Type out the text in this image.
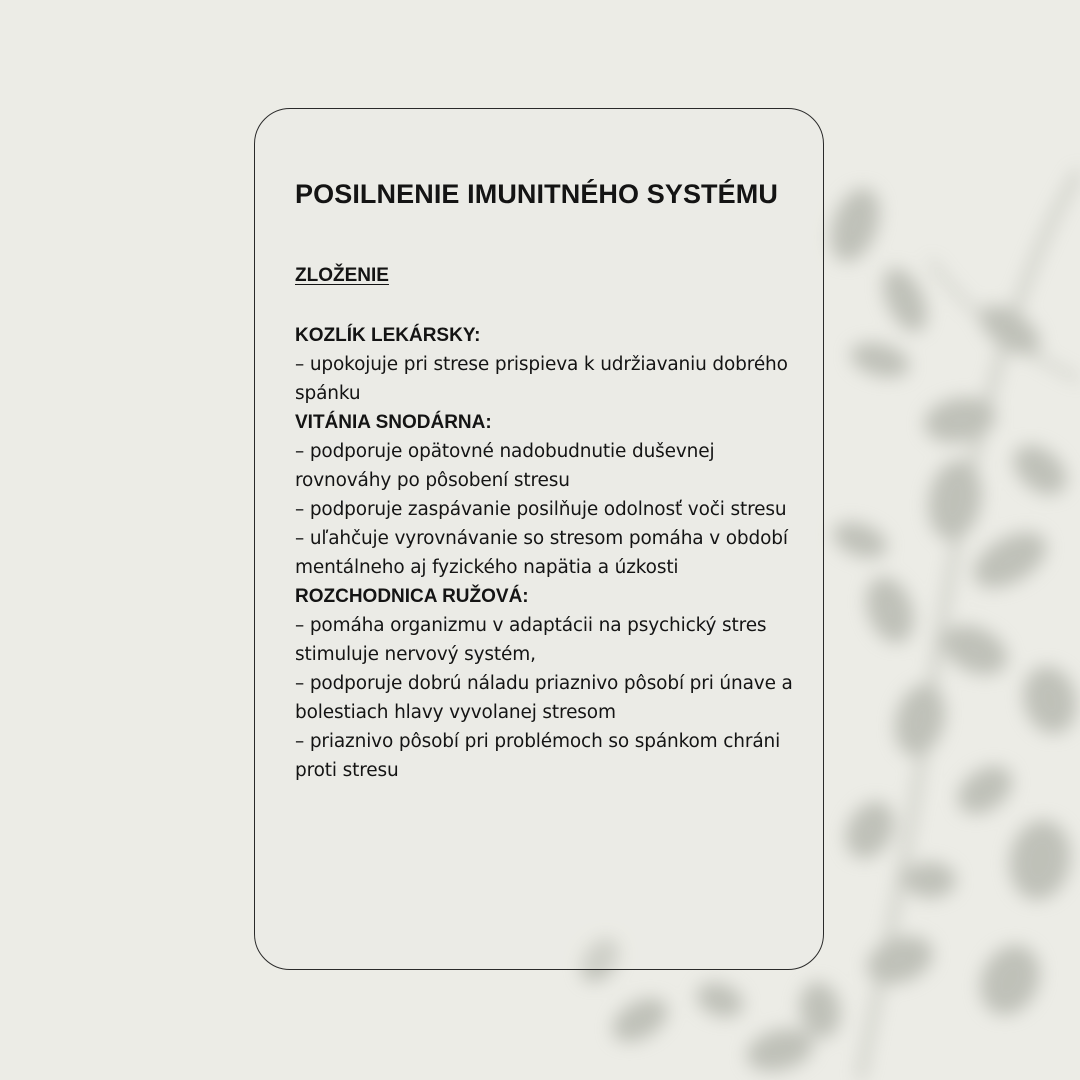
POSILNENIE IMUNITNÉHO SYSTÉMU
ZLOŽENIE
KOZLÍK LEKÁRSKY:
– upokojuje pri strese prispieva k udržiavaniu dobrého spánku
VITÁNIA SNODÁRNA:
– podporuje opätovné nadobudnutie duševnej rovnováhy po pôsobení stresu
– podporuje zaspávanie posilňuje odolnosť voči stresu
– uľahčuje vyrovnávanie so stresom pomáha v období mentálneho aj fyzického napätia a úzkosti
ROZCHODNICA RUŽOVÁ:
– pomáha organizmu v adaptácii na psychický stres stimuluje nervový systém,
– podporuje dobrú náladu priaznivo pôsobí pri únave a bolestiach hlavy vyvolanej stresom
– priaznivo pôsobí pri problémoch so spánkom chráni proti stresu
